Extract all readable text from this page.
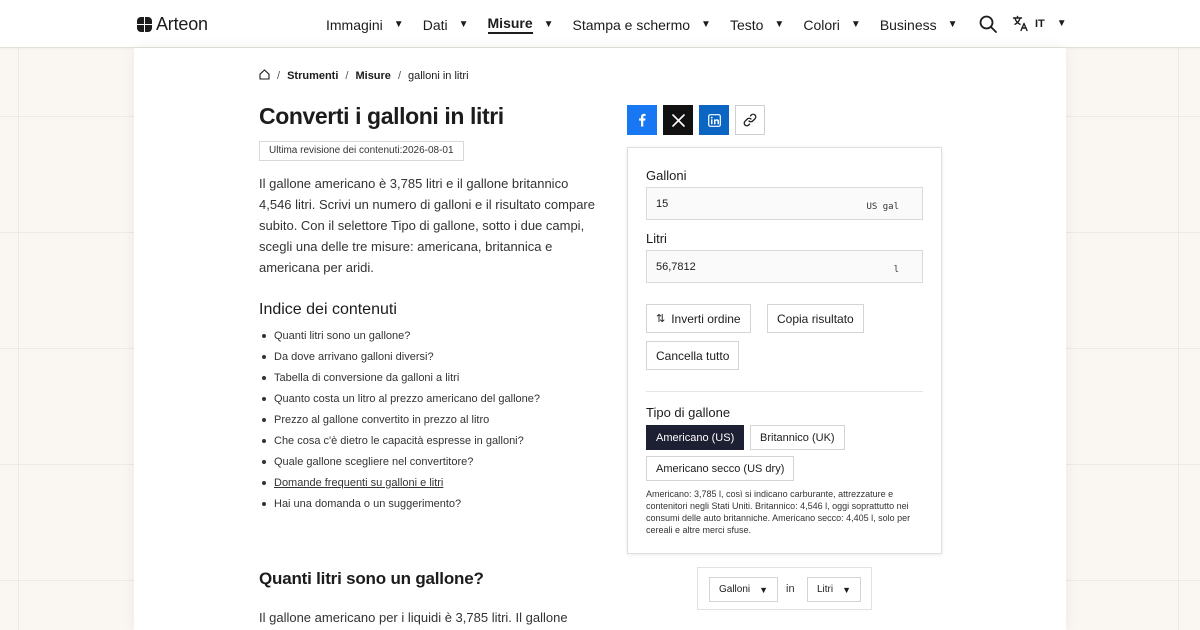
Arteon	Immagini ▼ Dati ▼ Misure ▼ Stampa e schermo ▼ Testo ▼ Colori ▼ Business ▼	IT ▼
/ Strumenti / Misure / galloni in litri
Converti i galloni in litri
Ultima revisione dei contenuti:2026-08-01

Il gallone americano è 3,785 litri e il gallone britannico 4,546 litri. Scrivi un numero di galloni e il risultato compare subito. Con il selettore Tipo di gallone, sotto i due campi, scegli una delle tre misure: americana, britannica e americana per aridi.

Indice dei contenuti
Quanti litri sono un gallone?
Da dove arrivano galloni diversi?
Tabella di conversione da galloni a litri
Quanto costa un litro al prezzo americano del gallone?
Prezzo al gallone convertito in prezzo al litro
Che cosa c'è dietro le capacità espresse in galloni?
Quale gallone scegliere nel convertitore?
Domande frequenti su galloni e litri
Hai una domanda o un suggerimento?
Quanti litri sono un gallone?

Il gallone americano per i liquidi è 3,785 litri. Il gallone

Galloni
15	US gal
Litri
56,7812	l
⇅ Inverti ordine	Copia risultato
Cancella tutto
Tipo di gallone
Americano (US) Britannico (UK)
Americano secco (US dry)

Americano: 3,785 l, così si indicano carburante, attrezzature e contenitori negli Stati Uniti. Britannico: 4,546 l, oggi soprattutto nei consumi delle auto britanniche. Americano secco: 4,405 l, solo per cereali e altre merci sfuse.

Galloni ▼ in Litri ▼
